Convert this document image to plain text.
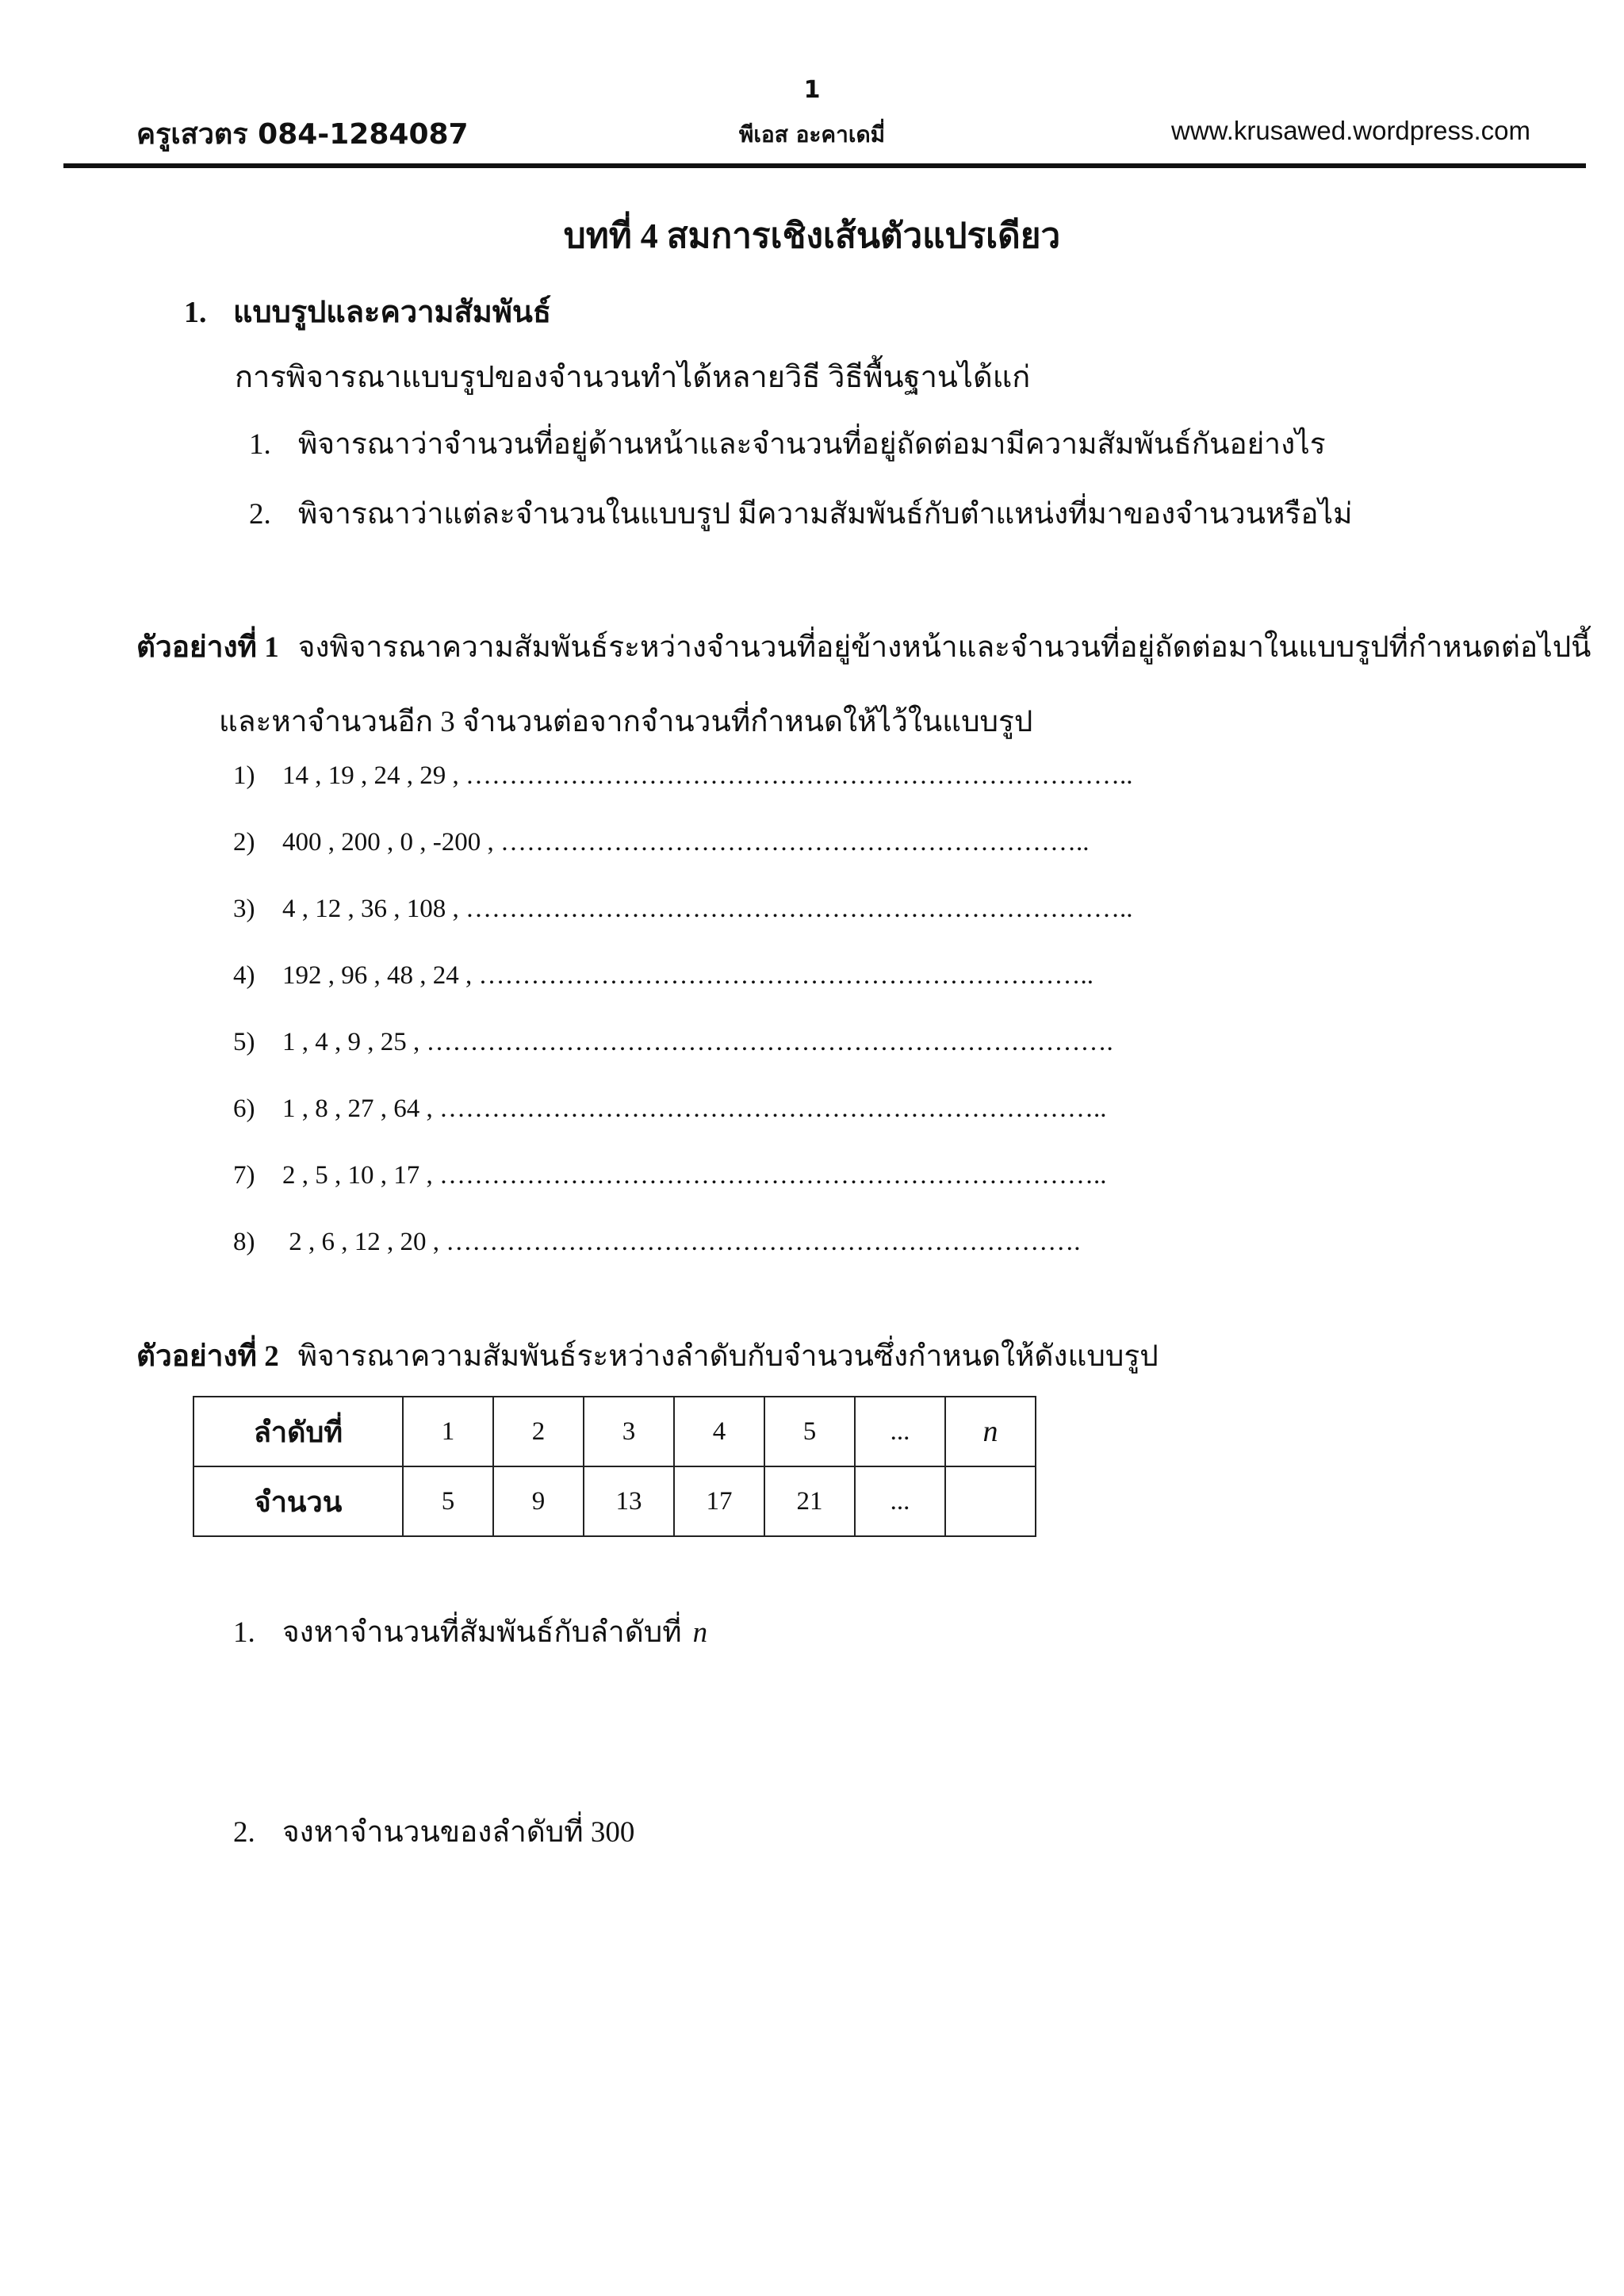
1
ครูเสวตร 084-1284087	พีเอส อะคาเดมี่	www.krusawed.wordpress.com
บทที่ 4 สมการเชิงเส้นตัวแปรเดียว
1. แบบรูปและความสัมพันธ์
การพิจารณาแบบรูปของจำนวนทำได้หลายวิธี วิธีพื้นฐานได้แก่
1. พิจารณาว่าจำนวนที่อยู่ด้านหน้าและจำนวนที่อยู่ถัดต่อมามีความสัมพันธ์กันอย่างไร
2. พิจารณาว่าแต่ละจำนวนในแบบรูป มีความสัมพันธ์กับตำแหน่งที่มาของจำนวนหรือไม่
ตัวอย่างที่ 1 จงพิจารณาความสัมพันธ์ระหว่างจำนวนที่อยู่ข้างหน้าและจำนวนที่อยู่ถัดต่อมาในแบบรูปที่กำหนดต่อไปนี้
และหาจำนวนอีก 3 จำนวนต่อจากจำนวนที่กำหนดให้ไว้ในแบบรูป
1) 14 , 19 , 24 , 29 , …………………………………………………………………..
2) 400 , 200 , 0 , -200 , …………………………………………………………..
3) 4 , 12 , 36 , 108 , …………………………………………………………………..
4) 192 , 96 , 48 , 24 , ……………………………………………………………..
5) 1 , 4 , 9 , 25 , …………………………………………………………………….
6) 1 , 8 , 27 , 64 , …………………………………………………………………..
7) 2 , 5 , 10 , 17 , …………………………………………………………………..
8) 2 , 6 , 12 , 20 , ……………………………………………………………….
ตัวอย่างที่ 2 พิจารณาความสัมพันธ์ระหว่างลำดับกับจำนวนซึ่งกำหนดให้ดังแบบรูป
ลำดับที่	1	2	3	4	5	...	n
จำนวน	5	9	13	17	21	...	
1. จงหาจำนวนที่สัมพันธ์กับลำดับที่ n
2. จงหาจำนวนของลำดับที่ 300
